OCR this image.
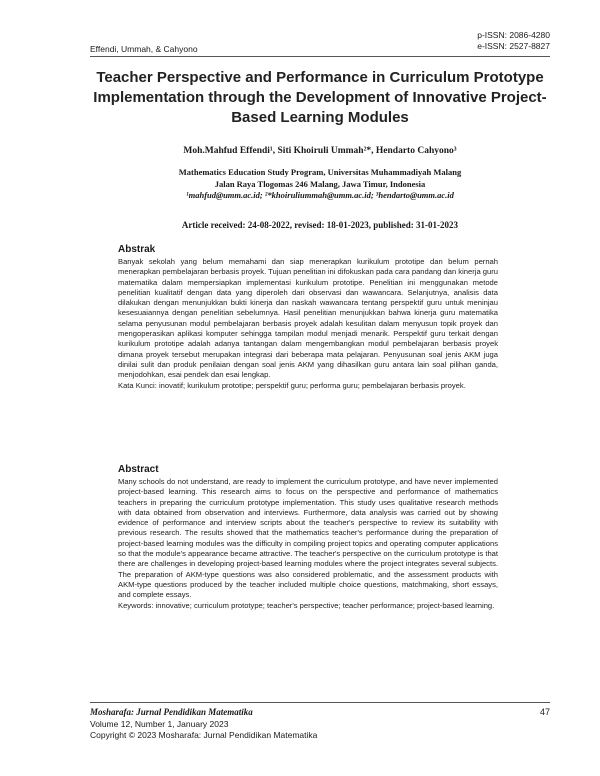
p-ISSN: 2086-4280
e-ISSN: 2527-8827
Effendi, Ummah, & Cahyono
Teacher Perspective and Performance in Curriculum Prototype Implementation through the Development of Innovative Project-Based Learning Modules
Moh.Mahfud Effendi¹, Siti Khoiruli Ummah²*, Hendarto Cahyono³
Mathematics Education Study Program, Universitas Muhammadiyah Malang
Jalan Raya Tlogomas 246 Malang, Jawa Timur, Indonesia
¹mahfud@umm.ac.id; ²*khoiruliummah@umm.ac.id; ³hendarto@umm.ac.id
Article received: 24-08-2022, revised: 18-01-2023, published: 31-01-2023
Abstrak

Banyak sekolah yang belum memahami dan siap menerapkan kurikulum prototipe dan belum pernah menerapkan pembelajaran berbasis proyek. Tujuan penelitian ini difokuskan pada cara pandang dan kinerja guru matematika dalam mempersiapkan implementasi kurikulum prototipe. Penelitian ini menggunakan metode penelitian kualitatif dengan data yang diperoleh dari observasi dan wawancara. Selanjutnya, analisis data dilakukan dengan menunjukkan bukti kinerja dan naskah wawancara tentang perspektif guru untuk meninjau kesesuaiannya dengan penelitian sebelumnya. Hasil penelitian menunjukkan bahwa kinerja guru matematika selama penyusunan modul pembelajaran berbasis proyek adalah kesulitan dalam menyusun topik proyek dan mengoperasikan aplikasi komputer sehingga tampilan modul menjadi menarik. Perspektif guru terkait dengan kurikulum prototipe adalah adanya tantangan dalam mengembangkan modul pembelajaran berbasis proyek dimana proyek tersebut merupakan integrasi dari beberapa mata pelajaran. Penyusunan soal jenis AKM juga dinilai sulit dan produk penilaian dengan soal jenis AKM yang dihasilkan guru antara lain soal pilihan ganda, menjodohkan, esai pendek dan esai lengkap.

Kata Kunci: inovatif; kurikulum prototipe; perspektif guru; performa guru; pembelajaran berbasis proyek.

Abstract

Many schools do not understand, are ready to implement the curriculum prototype, and have never implemented project-based learning. This research aims to focus on the perspective and performance of mathematics teachers in preparing the curriculum prototype implementation. This study uses qualitative research methods with data obtained from observation and interviews. Furthermore, data analysis was carried out by showing evidence of performance and interview scripts about the teacher's perspective to review its suitability with previous research. The results showed that the mathematics teacher's performance during the preparation of project-based learning modules was the difficulty in compiling project topics and operating computer applications so that the module's appearance became attractive. The teacher's perspective on the curriculum prototype is that there are challenges in developing project-based learning modules where the project integrates several subjects. The preparation of AKM-type questions was also considered problematic, and the assessment products with AKM-type questions produced by the teacher included multiple choice questions, matchmaking, short essays, and complete essays.

Keywords: innovative; curriculum prototype; teacher's perspective; teacher performance; project-based learning.

Mosharafa: Jurnal Pendidikan Matematika
Volume 12, Number 1, January 2023
Copyright © 2023 Mosharafa: Jurnal Pendidikan Matematika
47
